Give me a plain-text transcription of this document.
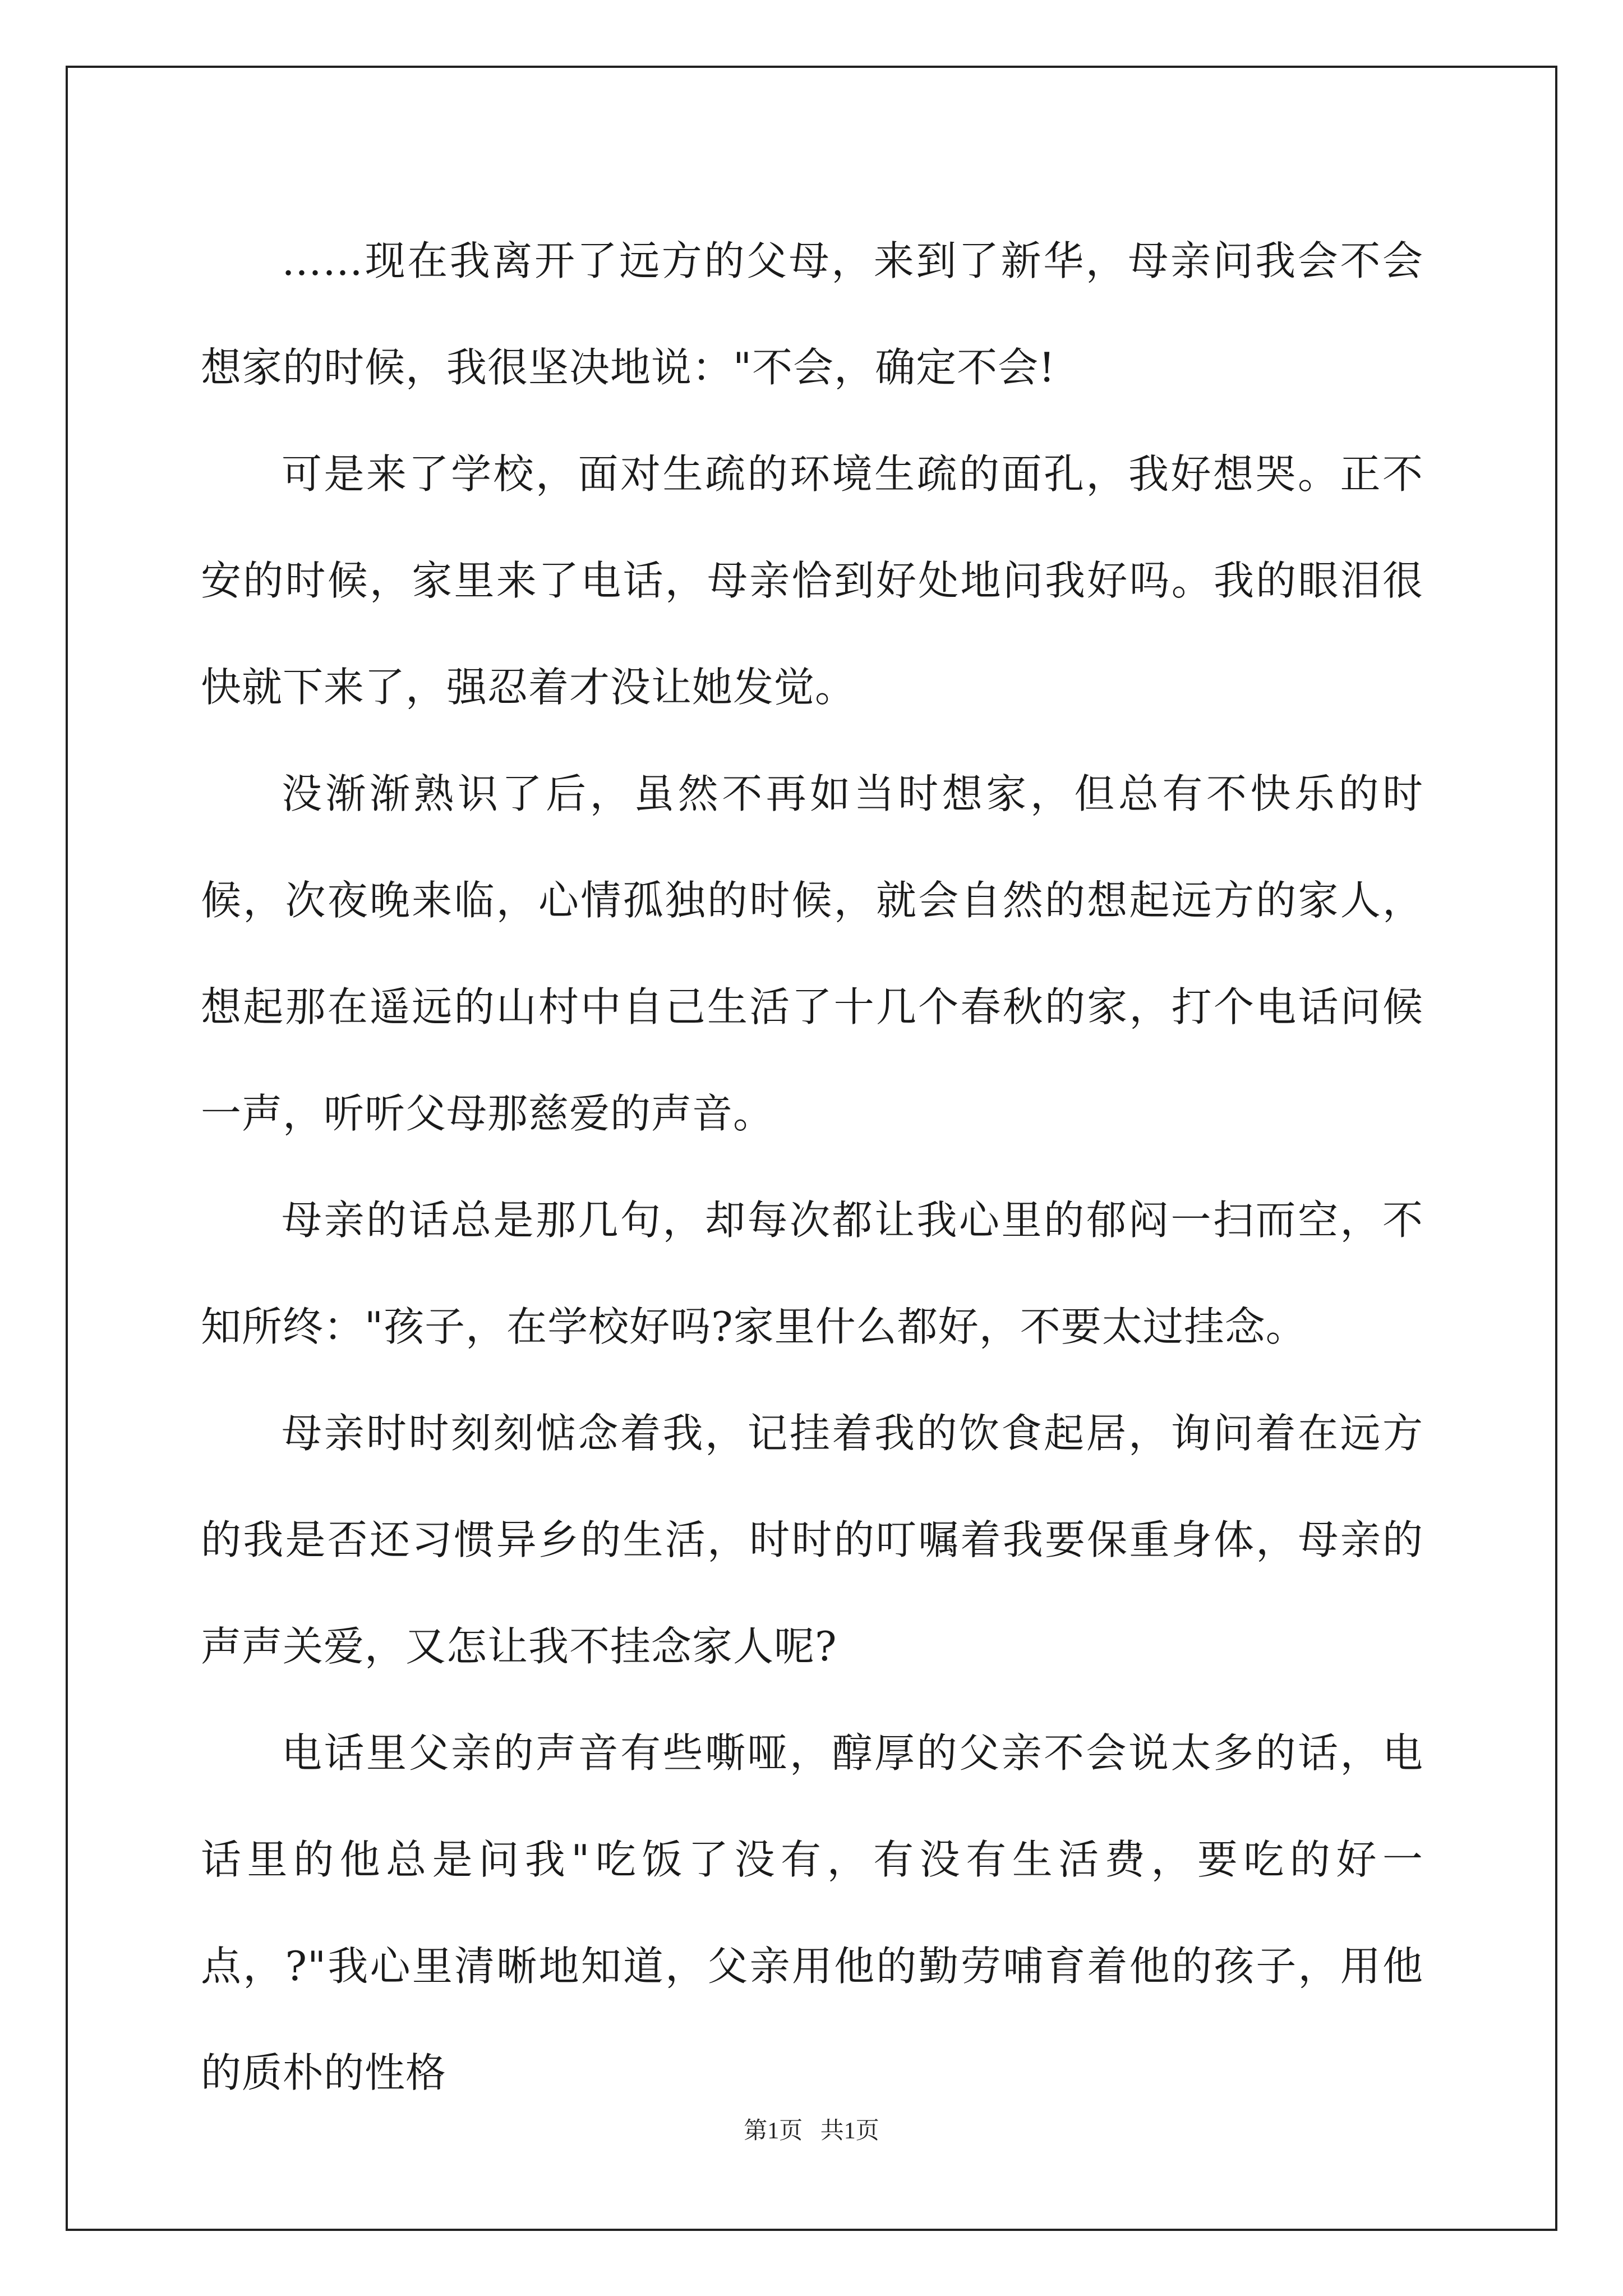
……现在我离开了远方的父母，来到了新华，母亲问我会不会想家的时候，我很坚决地说："不会，确定不会!

可是来了学校，面对生疏的环境生疏的面孔，我好想哭。正不安的时候，家里来了电话，母亲恰到好处地问我好吗。我的眼泪很快就下来了，强忍着才没让她发觉。

没渐渐熟识了后，虽然不再如当时想家，但总有不快乐的时候，次夜晚来临，心情孤独的时候，就会自然的想起远方的家人，想起那在遥远的山村中自己生活了十几个春秋的家，打个电话问候一声，听听父母那慈爱的声音。

母亲的话总是那几句，却每次都让我心里的郁闷一扫而空，不知所终："孩子，在学校好吗?家里什么都好，不要太过挂念。

母亲时时刻刻惦念着我，记挂着我的饮食起居，询问着在远方的我是否还习惯异乡的生活，时时的叮嘱着我要保重身体，母亲的声声关爱，又怎让我不挂念家人呢?

电话里父亲的声音有些嘶哑，醇厚的父亲不会说太多的话，电话里的他总是问我"吃饭了没有，有没有生活费，要吃的好一点，?"我心里清晰地知道，父亲用他的勤劳哺育着他的孩子，用他的质朴的性格

第1页   共1页
